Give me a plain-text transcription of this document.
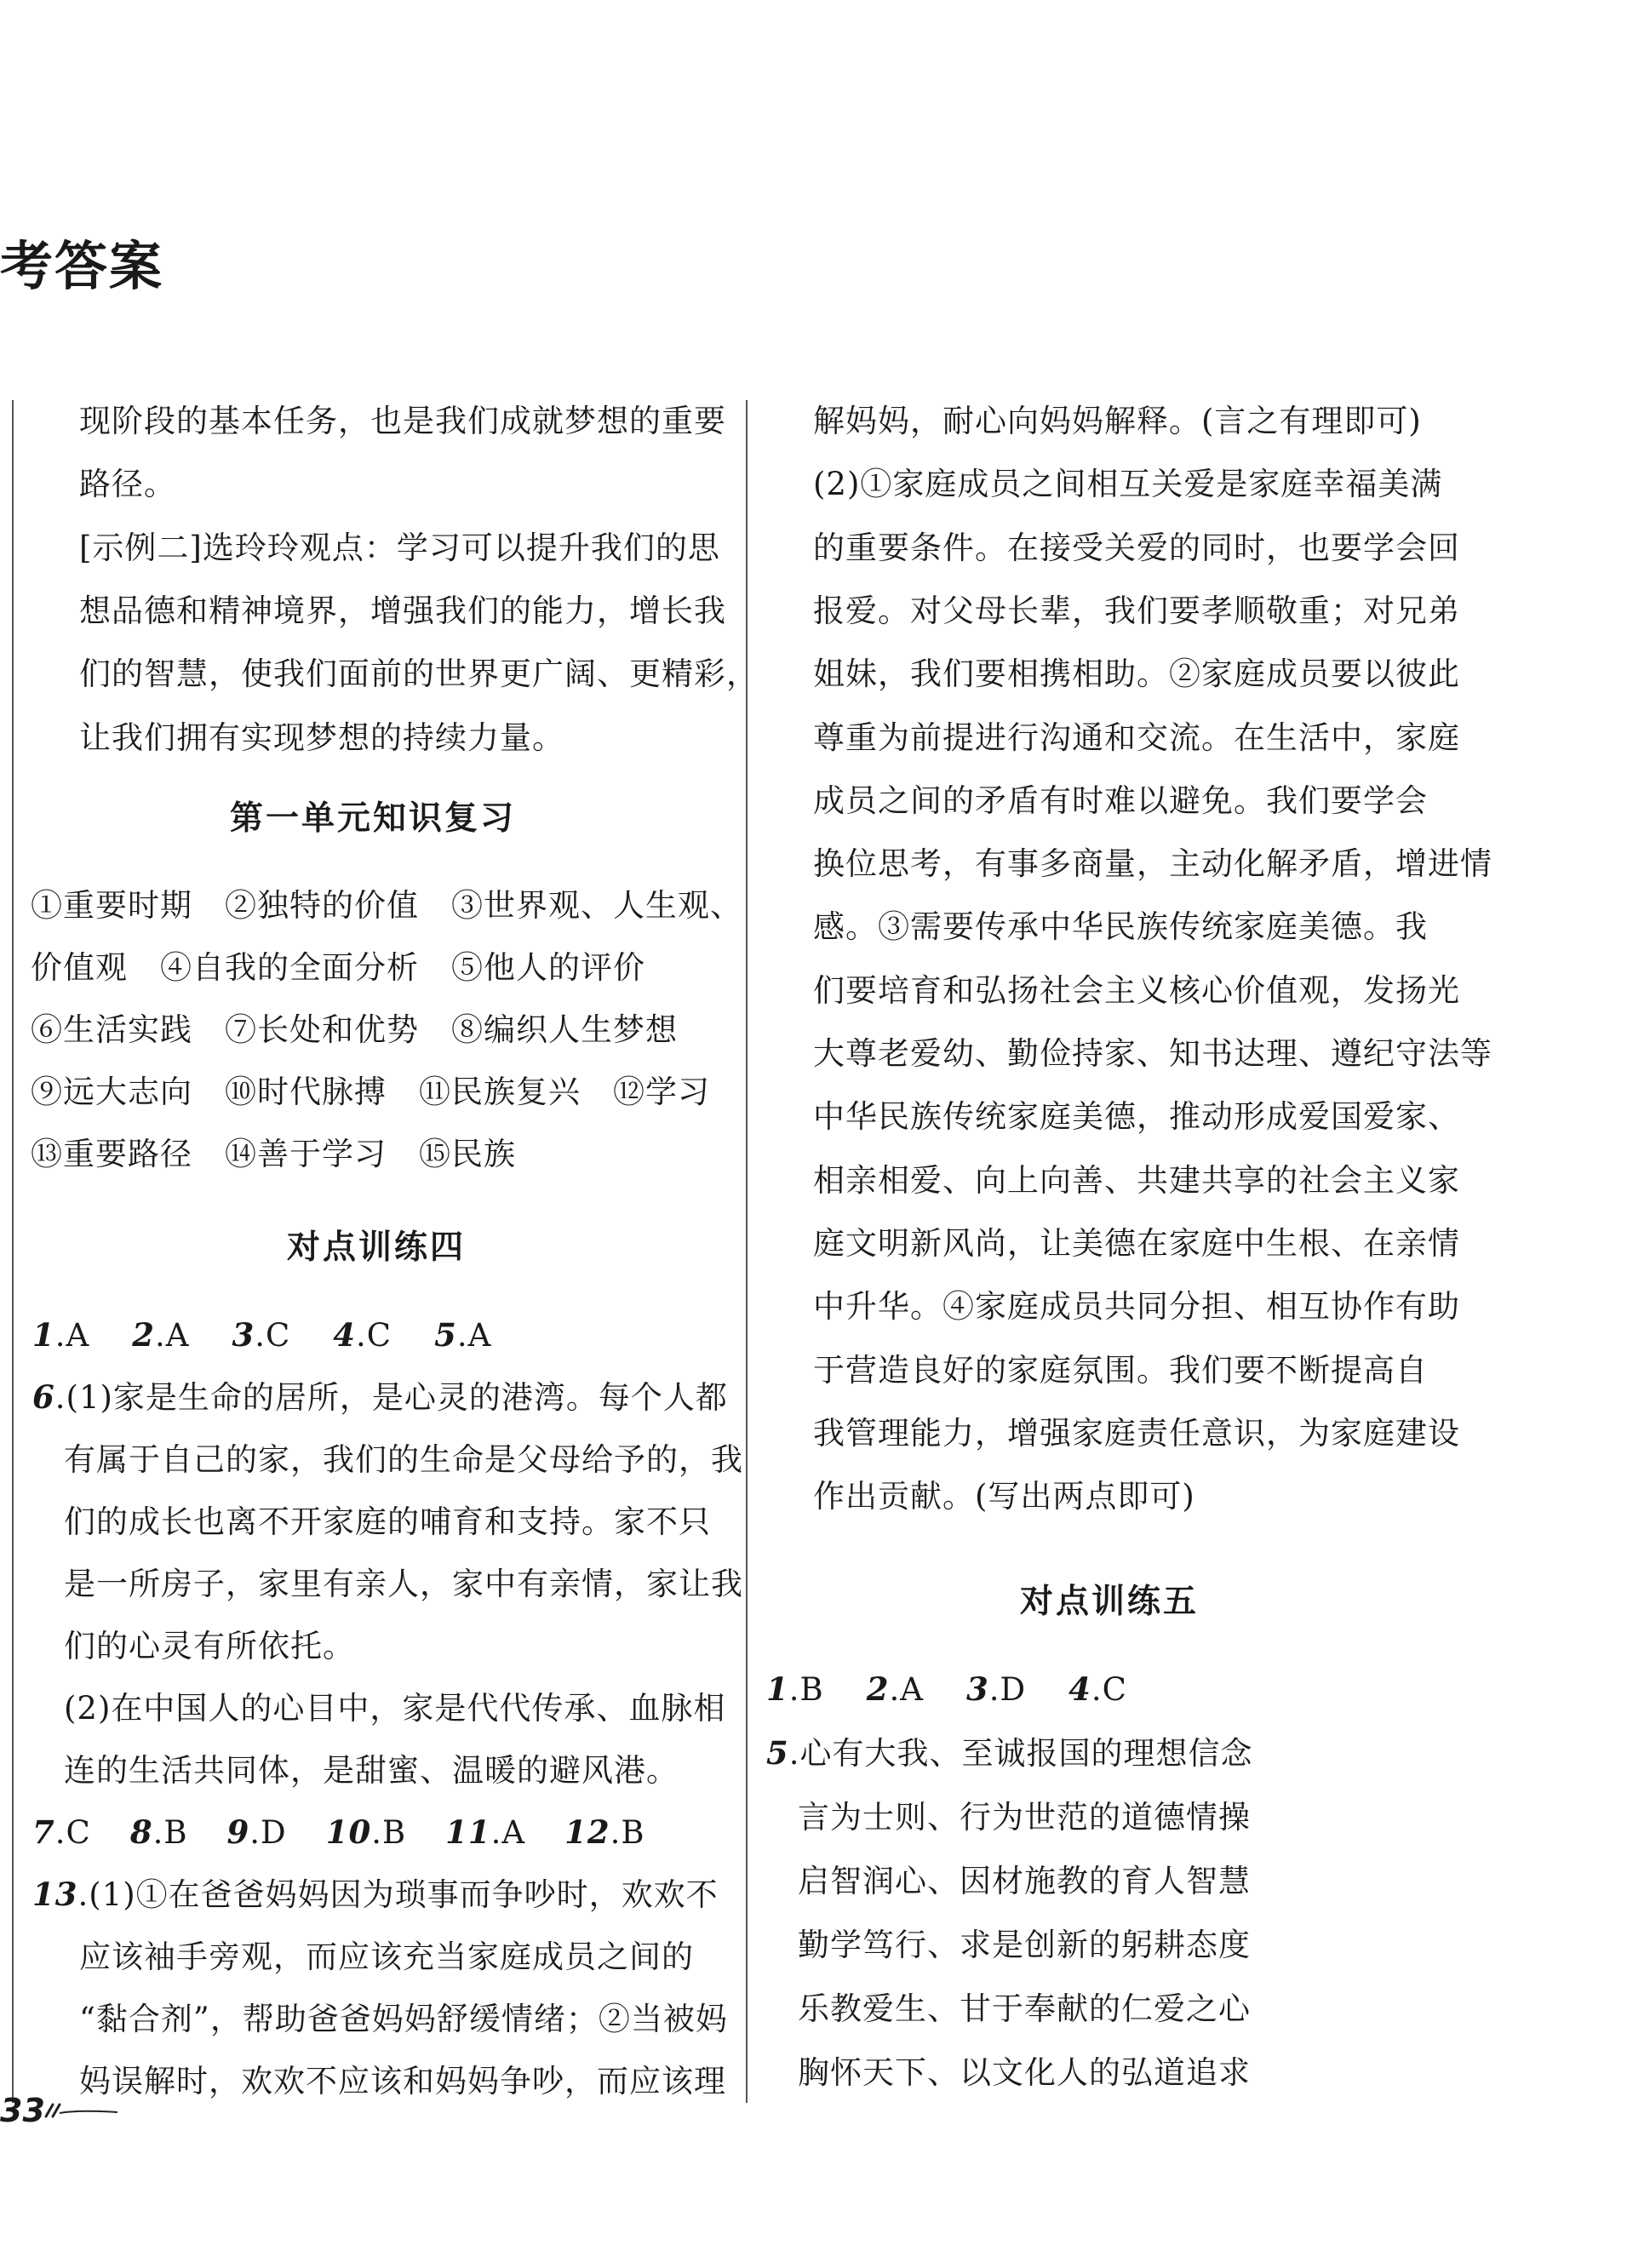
考答案
现阶段的基本任务，也是我们成就梦想的重要
路径。
[示例二]选玲玲观点：学习可以提升我们的思
想品德和精神境界，增强我们的能力，增长我
们的智慧，使我们面前的世界更广阔、更精彩，
让我们拥有实现梦想的持续力量。
第一单元知识复习
①重要时期　②独特的价值　③世界观、人生观、
价值观　④自我的全面分析　⑤他人的评价
⑥生活实践　⑦长处和优势　⑧编织人生梦想
⑨远大志向　⑩时代脉搏　⑪民族复兴　⑫学习
⑬重要路径　⑭善于学习　⑮民族
对点训练四
1.A 2.A 3.C 4.C 5.A
6.(1)家是生命的居所，是心灵的港湾。每个人都
有属于自己的家，我们的生命是父母给予的，我
们的成长也离不开家庭的哺育和支持。家不只
是一所房子，家里有亲人，家中有亲情，家让我
们的心灵有所依托。
(2)在中国人的心目中，家是代代传承、血脉相
连的生活共同体，是甜蜜、温暖的避风港。
7.C 8.B 9.D 10.B 11.A 12.B
13.(1)①在爸爸妈妈因为琐事而争吵时，欢欢不
应该袖手旁观，而应该充当家庭成员之间的
“黏合剂”，帮助爸爸妈妈舒缓情绪；②当被妈
妈误解时，欢欢不应该和妈妈争吵，而应该理
解妈妈，耐心向妈妈解释。(言之有理即可)
(2)①家庭成员之间相互关爱是家庭幸福美满
的重要条件。在接受关爱的同时，也要学会回
报爱。对父母长辈，我们要孝顺敬重；对兄弟
姐妹，我们要相携相助。②家庭成员要以彼此
尊重为前提进行沟通和交流。在生活中，家庭
成员之间的矛盾有时难以避免。我们要学会
换位思考，有事多商量，主动化解矛盾，增进情
感。③需要传承中华民族传统家庭美德。我
们要培育和弘扬社会主义核心价值观，发扬光
大尊老爱幼、勤俭持家、知书达理、遵纪守法等
中华民族传统家庭美德，推动形成爱国爱家、
相亲相爱、向上向善、共建共享的社会主义家
庭文明新风尚，让美德在家庭中生根、在亲情
中升华。④家庭成员共同分担、相互协作有助
于营造良好的家庭氛围。我们要不断提高自
我管理能力，增强家庭责任意识，为家庭建设
作出贡献。(写出两点即可)
对点训练五
1.B 2.A 3.D 4.C
5.心有大我、至诚报国的理想信念
言为士则、行为世范的道德情操
启智润心、因材施教的育人智慧
勤学笃行、求是创新的躬耕态度
乐教爱生、甘于奉献的仁爱之心
胸怀天下、以文化人的弘道追求
33
